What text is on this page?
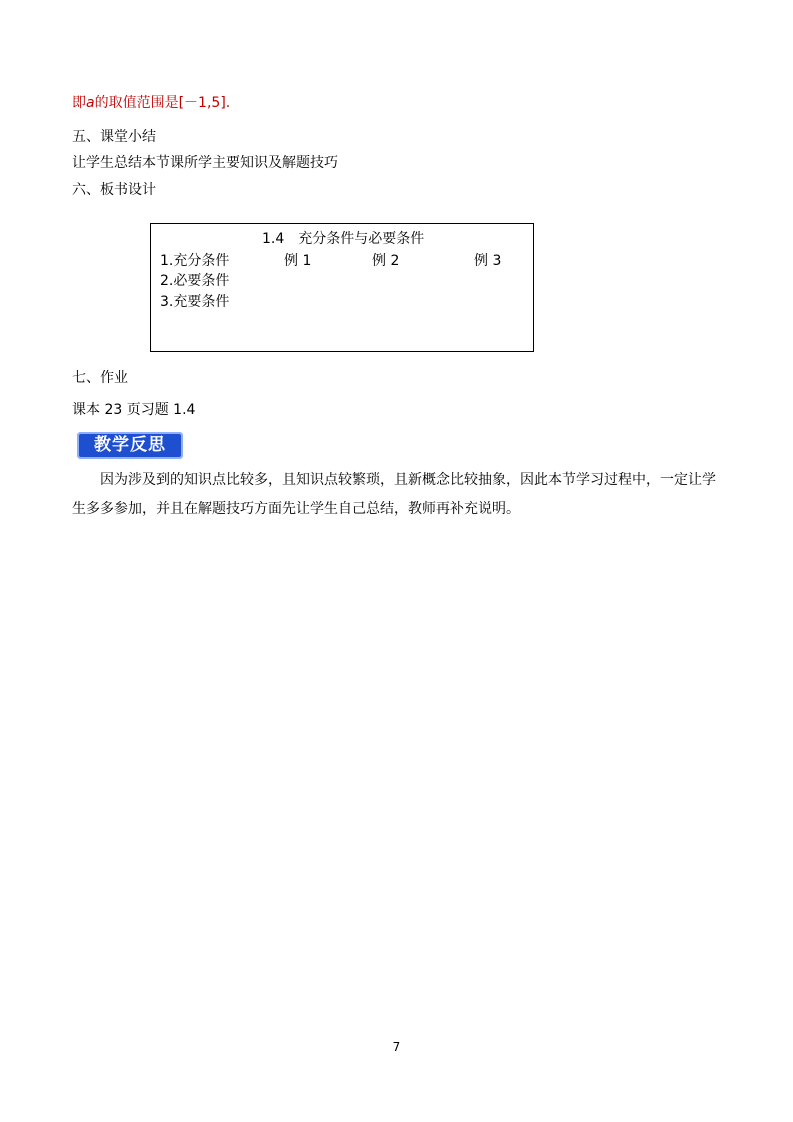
即a的取值范围是[－1,5].
五、课堂小结
让学生总结本节课所学主要知识及解题技巧
六、板书设计
1.4　充分条件与必要条件
1.充分条件	例 1	例 2	例 3
2.必要条件
3.充要条件
七、作业
课本 23 页习题 1.4
教学反思
因为涉及到的知识点比较多，且知识点较繁琐，且新概念比较抽象，因此本节学习过程中，一定让学生多多参加，并且在解题技巧方面先让学生自己总结，教师再补充说明。
7
